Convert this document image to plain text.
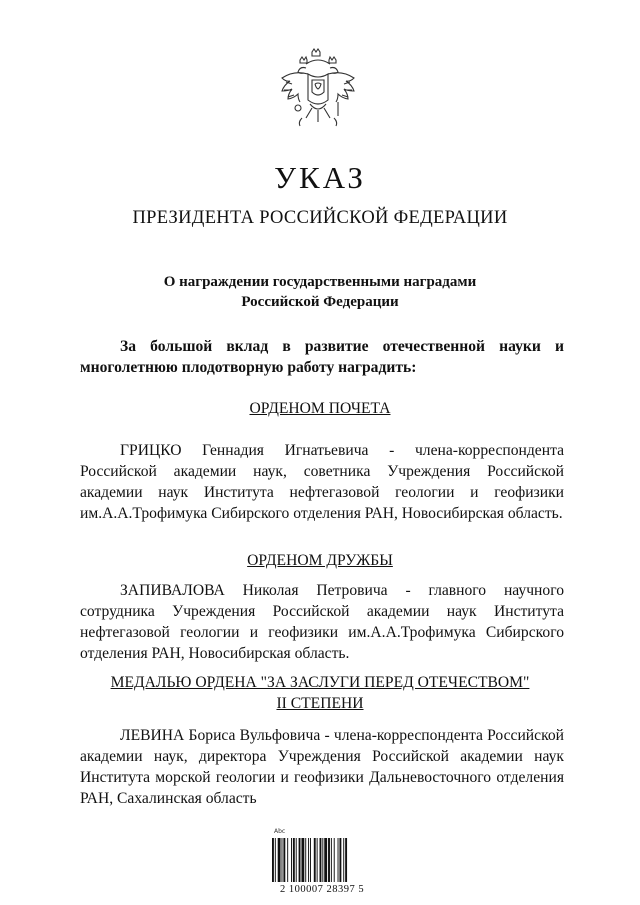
УКАЗ
ПРЕЗИДЕНТА РОССИЙСКОЙ ФЕДЕРАЦИИ
О награждении государственными наградами
Российской Федерации
За большой вклад в развитие отечественной науки и многолетнюю плодотворную работу наградить:
ОРДЕНОМ ПОЧЕТА
ГРИЦКО Геннадия Игнатьевича - члена-корреспондента Российской академии наук, советника Учреждения Российской академии наук Института нефтегазовой геологии и геофизики им.А.А.Трофимука Сибирского отделения РАН, Новосибирская область.
ОРДЕНОМ ДРУЖБЫ
ЗАПИВАЛОВА Николая Петровича - главного научного сотрудника Учреждения Российской академии наук Института нефтегазовой геологии и геофизики им.А.А.Трофимука Сибирского отделения РАН, Новосибирская область.
МЕДАЛЬЮ ОРДЕНА "ЗА ЗАСЛУГИ ПЕРЕД ОТЕЧЕСТВОМ"
II СТЕПЕНИ
ЛЕВИНА Бориса Вульфовича - члена-корреспондента Российской академии наук, директора Учреждения Российской академии наук Института морской геологии и геофизики Дальневосточного отделения РАН, Сахалинская область
Abc
2 100007 28397 5
